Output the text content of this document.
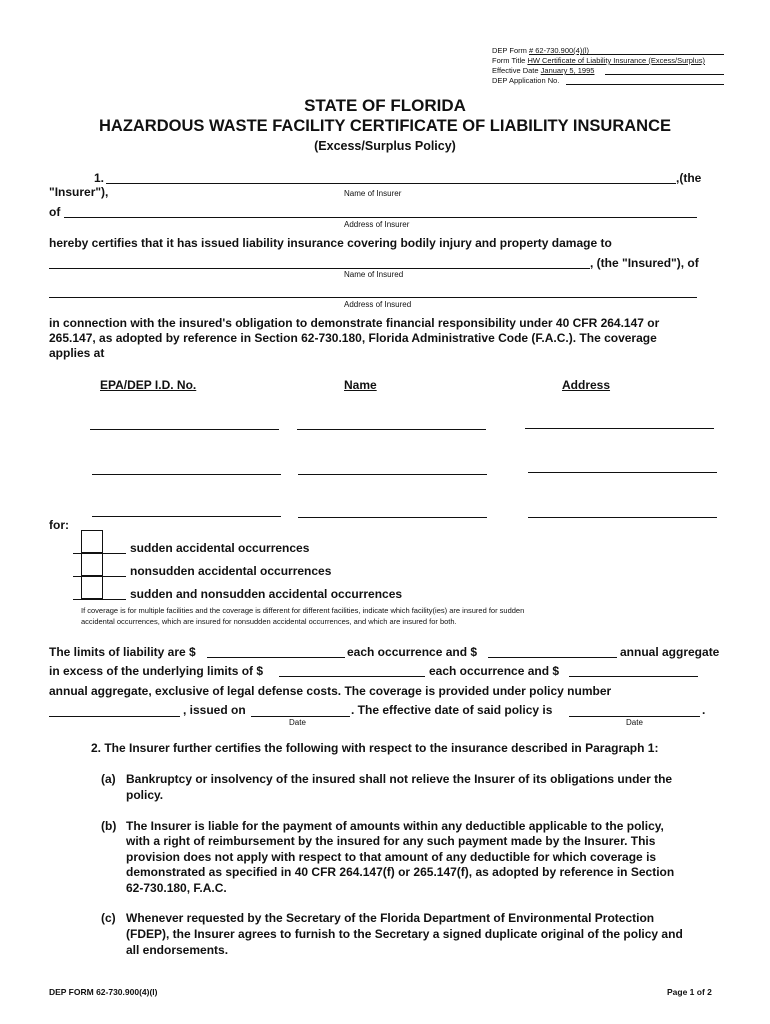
DEP Form # 62-730.900(4)(l)
Form Title HW Certificate of Liability Insurance (Excess/Surplus)
Effective Date January 5, 1995
DEP Application No.
STATE OF FLORIDA
HAZARDOUS WASTE FACILITY CERTIFICATE OF LIABILITY INSURANCE
(Excess/Surplus Policy)
1.	,(the
"Insurer"),	Name of Insurer
of
Address of Insurer
hereby certifies that it has issued liability insurance covering bodily injury and property damage to
, (the "Insured"), of
Name of Insured
Address of Insured
in connection with the insured's obligation to demonstrate financial responsibility under 40 CFR 264.147 or
265.147, as adopted by reference in Section 62-730.180, Florida Administrative Code (F.A.C.). The coverage
applies at
EPA/DEP I.D. No.	Name	Address
for:
sudden accidental occurrences
nonsudden accidental occurrences
sudden and nonsudden accidental occurrences
If coverage is for multiple facilities and the coverage is different for different facilities, indicate which facility(ies) are insured for sudden
accidental occurrences, which are insured for nonsudden accidental occurrences, and which are insured for both.
The limits of liability are $	each occurrence and $	annual aggregate
in excess of the underlying limits of $	each occurrence and $
annual aggregate, exclusive of legal defense costs. The coverage is provided under policy number
, issued on	. The effective date of said policy is	.
Date	Date
2. The Insurer further certifies the following with respect to the insurance described in Paragraph 1:
(a) Bankruptcy or insolvency of the insured shall not relieve the Insurer of its obligations under the
policy.
(b) The Insurer is liable for the payment of amounts within any deductible applicable to the policy,
with a right of reimbursement by the insured for any such payment made by the Insurer. This
provision does not apply with respect to that amount of any deductible for which coverage is
demonstrated as specified in 40 CFR 264.147(f) or 265.147(f), as adopted by reference in Section
62-730.180, F.A.C.
(c) Whenever requested by the Secretary of the Florida Department of Environmental Protection
(FDEP), the Insurer agrees to furnish to the Secretary a signed duplicate original of the policy and
all endorsements.
DEP FORM 62-730.900(4)(l)	Page 1 of 2
